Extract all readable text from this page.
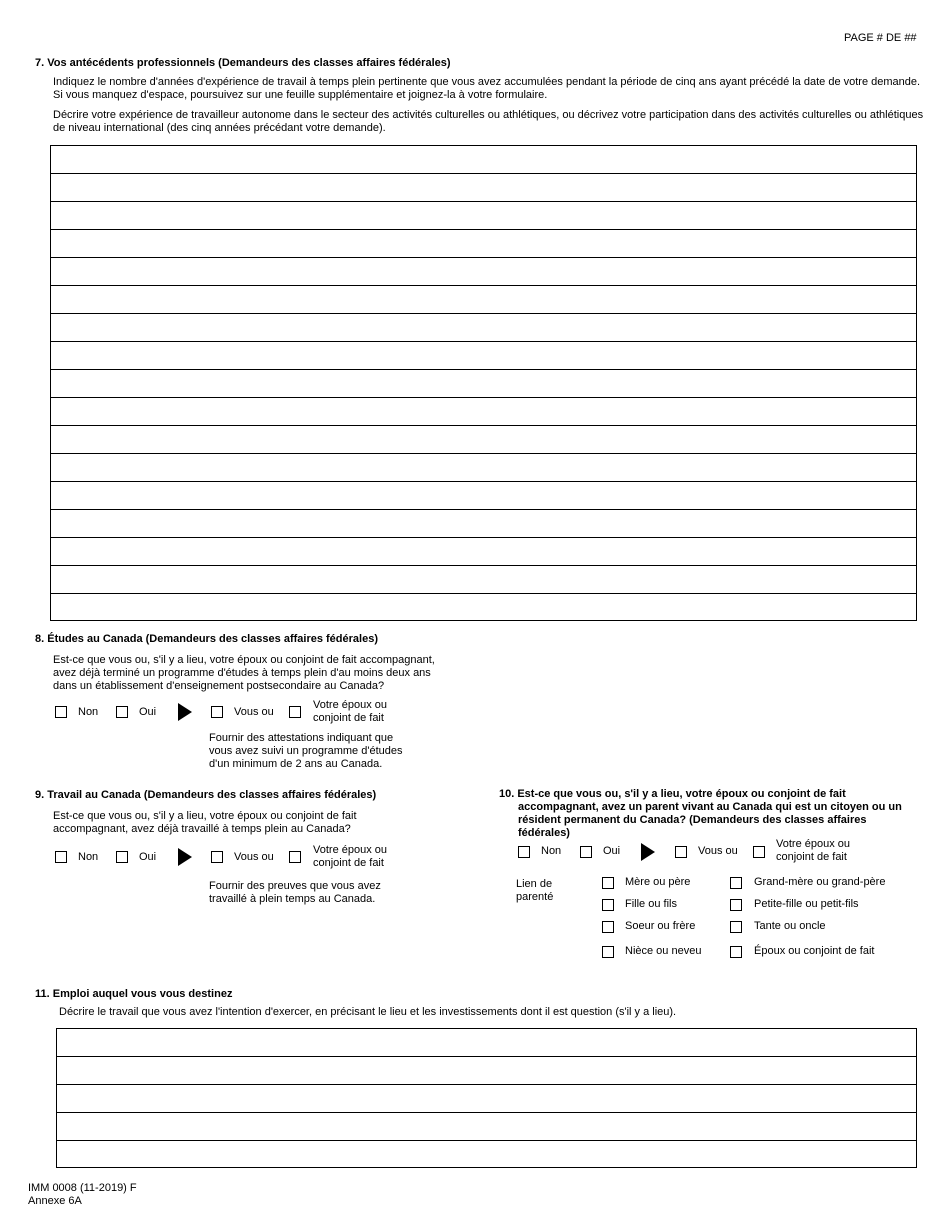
PAGE # DE ##
7. Vos antécédents professionnels (Demandeurs des classes affaires fédérales)
Indiquez le nombre d'années d'expérience de travail à temps plein pertinente que vous avez accumulées pendant la période de cinq ans ayant précédé la date de votre demande.
Si vous manquez d'espace, poursuivez sur une feuille supplémentaire et joignez-la à votre formulaire.
Décrire votre expérience de travailleur autonome dans le secteur des activités culturelles ou athlétiques, ou décrivez votre participation dans des activités culturelles ou athlétiques
de niveau international (des cinq années précédant votre demande).
8. Études au Canada (Demandeurs des classes affaires fédérales)
Est-ce que vous ou, s'il y a lieu, votre époux ou conjoint de fait accompagnant,
avez déjà terminé un programme d'études à temps plein d'au moins deux ans
dans un établissement d'enseignement postsecondaire au Canada?
Non	Oui	Vous ou
Votre époux ou
conjoint de fait
Fournir des attestations indiquant que
vous avez suivi un programme d'études
d'un minimum de 2 ans au Canada.
9. Travail au Canada (Demandeurs des classes affaires fédérales)
Est-ce que vous ou, s'il y a lieu, votre époux ou conjoint de fait
accompagnant, avez déjà travaillé à temps plein au Canada?
Non	Oui	Vous ou
Votre époux ou
conjoint de fait
Fournir des preuves que vous avez
travaillé à plein temps au Canada.
10. Est-ce que vous ou, s'il y a lieu, votre époux ou conjoint de fait
accompagnant, avez un parent vivant au Canada qui est un citoyen ou un
résident permanent du Canada? (Demandeurs des classes affaires
fédérales)
Non	Oui	Vous ou
Votre époux ou
conjoint de fait
Lien de
parenté
Mère ou père	Grand-mère ou grand-père
Fille ou fils	Petite-fille ou petit-fils
Soeur ou frère	Tante ou oncle
Nièce ou neveu	Époux ou conjoint de fait
11. Emploi auquel vous vous destinez
Décrire le travail que vous avez l'intention d'exercer, en précisant le lieu et les investissements dont il est question (s'il y a lieu).
IMM 0008 (11-2019) F
Annexe 6A
